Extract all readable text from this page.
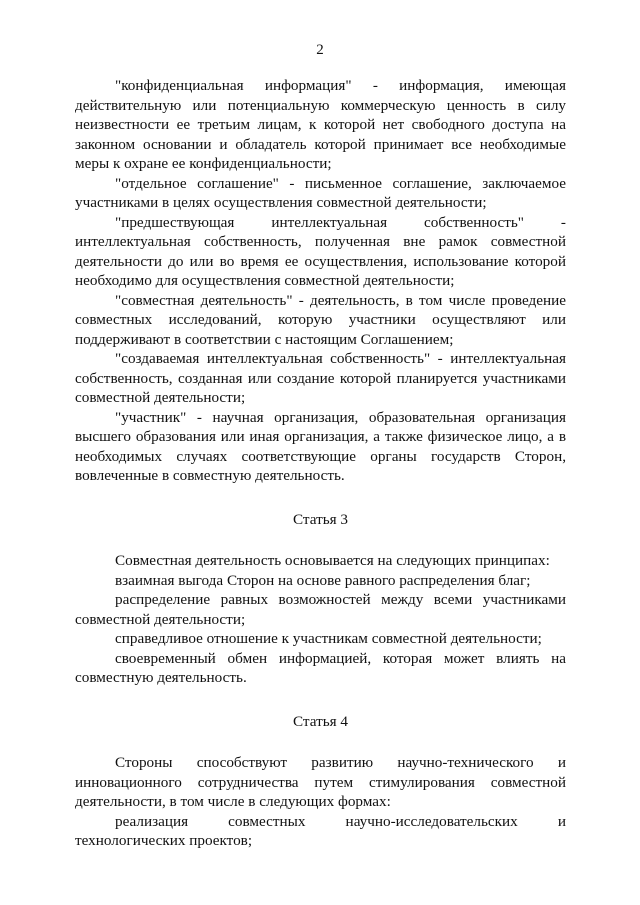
2

"конфиденциальная информация" - информация, имеющая действительную или потенциальную коммерческую ценность в силу неизвестности ее третьим лицам, к которой нет свободного доступа на законном основании и обладатель которой принимает все необходимые меры к охране ее конфиденциальности;

"отдельное соглашение" - письменное соглашение, заключаемое участниками в целях осуществления совместной деятельности;

"предшествующая интеллектуальная собственность" - интеллектуальная собственность, полученная вне рамок совместной деятельности до или во время ее осуществления, использование которой необходимо для осуществления совместной деятельности;

"совместная деятельность" - деятельность, в том числе проведение совместных исследований, которую участники осуществляют или поддерживают в соответствии с настоящим Соглашением;

"создаваемая интеллектуальная собственность" - интеллектуальная собственность, созданная или создание которой планируется участниками совместной деятельности;

"участник" - научная организация, образовательная организация высшего образования или иная организация, а также физическое лицо, а в необходимых случаях соответствующие органы государств Сторон, вовлеченные в совместную деятельность.

Статья 3

Совместная деятельность основывается на следующих принципах:

взаимная выгода Сторон на основе равного распределения благ;

распределение равных возможностей между всеми участниками совместной деятельности;

справедливое отношение к участникам совместной деятельности;

своевременный обмен информацией, которая может влиять на совместную деятельность.

Статья 4

Стороны способствуют развитию научно-технического и инновационного сотрудничества путем стимулирования совместной деятельности, в том числе в следующих формах:

реализация совместных научно-исследовательских и технологических проектов;
